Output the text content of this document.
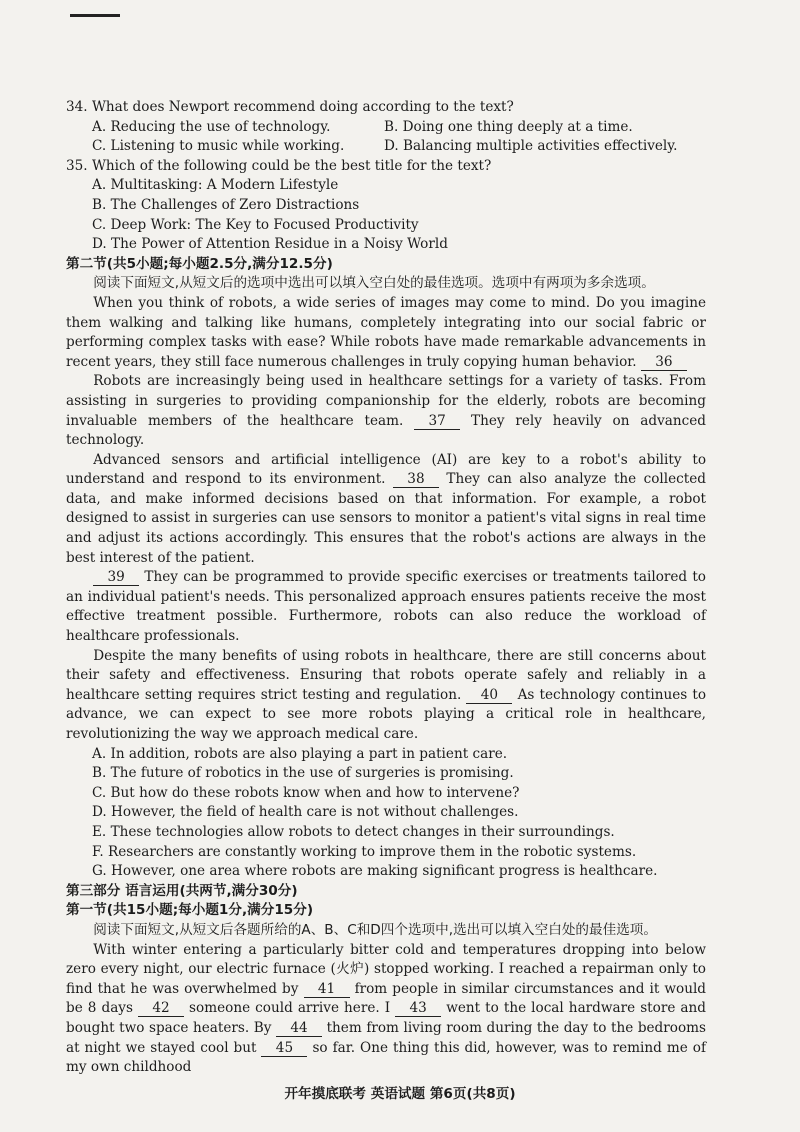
34. What does Newport recommend doing according to the text?

A. Reducing the use of technology.	B. Doing one thing deeply at a time.
C. Listening to music while working.	D. Balancing multiple activities effectively.

35. Which of the following could be the best title for the text?

A. Multitasking: A Modern Lifestyle

B. The Challenges of Zero Distractions

C. Deep Work: The Key to Focused Productivity

D. The Power of Attention Residue in a Noisy World

第二节(共5小题;每小题2.5分,满分12.5分)

阅读下面短文,从短文后的选项中选出可以填入空白处的最佳选项。选项中有两项为多余选项。

When you think of robots, a wide series of images may come to mind. Do you imagine them walking and talking like humans, completely integrating into our social fabric or performing complex tasks with ease? While robots have made remarkable advancements in recent years, they still face numerous challenges in truly copying human behavior. 36

Robots are increasingly being used in healthcare settings for a variety of tasks. From assisting in surgeries to providing companionship for the elderly, robots are becoming invaluable members of the healthcare team. 37 They rely heavily on advanced technology.

Advanced sensors and artificial intelligence (AI) are key to a robot's ability to understand and respond to its environment. 38 They can also analyze the collected data, and make informed decisions based on that information. For example, a robot designed to assist in surgeries can use sensors to monitor a patient's vital signs in real time and adjust its actions accordingly. This ensures that the robot's actions are always in the best interest of the patient.

39 They can be programmed to provide specific exercises or treatments tailored to an individual patient's needs. This personalized approach ensures patients receive the most effective treatment possible. Furthermore, robots can also reduce the workload of healthcare professionals.

Despite the many benefits of using robots in healthcare, there are still concerns about their safety and effectiveness. Ensuring that robots operate safely and reliably in a healthcare setting requires strict testing and regulation. 40 As technology continues to advance, we can expect to see more robots playing a critical role in healthcare, revolutionizing the way we approach medical care.

A. In addition, robots are also playing a part in patient care.

B. The future of robotics in the use of surgeries is promising.

C. But how do these robots know when and how to intervene?

D. However, the field of health care is not without challenges.

E. These technologies allow robots to detect changes in their surroundings.

F. Researchers are constantly working to improve them in the robotic systems.

G. However, one area where robots are making significant progress is healthcare.

第三部分 语言运用(共两节,满分30分)

第一节(共15小题;每小题1分,满分15分)

阅读下面短文,从短文后各题所给的A、B、C和D四个选项中,选出可以填入空白处的最佳选项。

With winter entering a particularly bitter cold and temperatures dropping into below zero every night, our electric furnace (火炉) stopped working. I reached a repairman only to find that he was overwhelmed by 41 from people in similar circumstances and it would be 8 days 42 someone could arrive here. I 43 went to the local hardware store and bought two space heaters. By 44 them from living room during the day to the bedrooms at night we stayed cool but 45 so far. One thing this did, however, was to remind me of my own childhood

开年摸底联考 英语试题 第6页(共8页)
